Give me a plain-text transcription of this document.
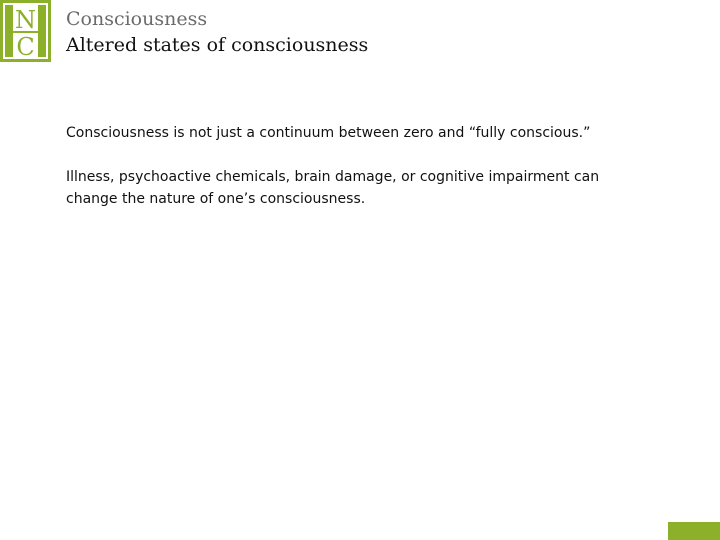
N
C
Consciousness
Altered states of consciousness

Consciousness is not just a continuum between zero and “fully conscious.”

Illness, psychoactive chemicals, brain damage, or cognitive impairment can change the nature of one’s consciousness.
